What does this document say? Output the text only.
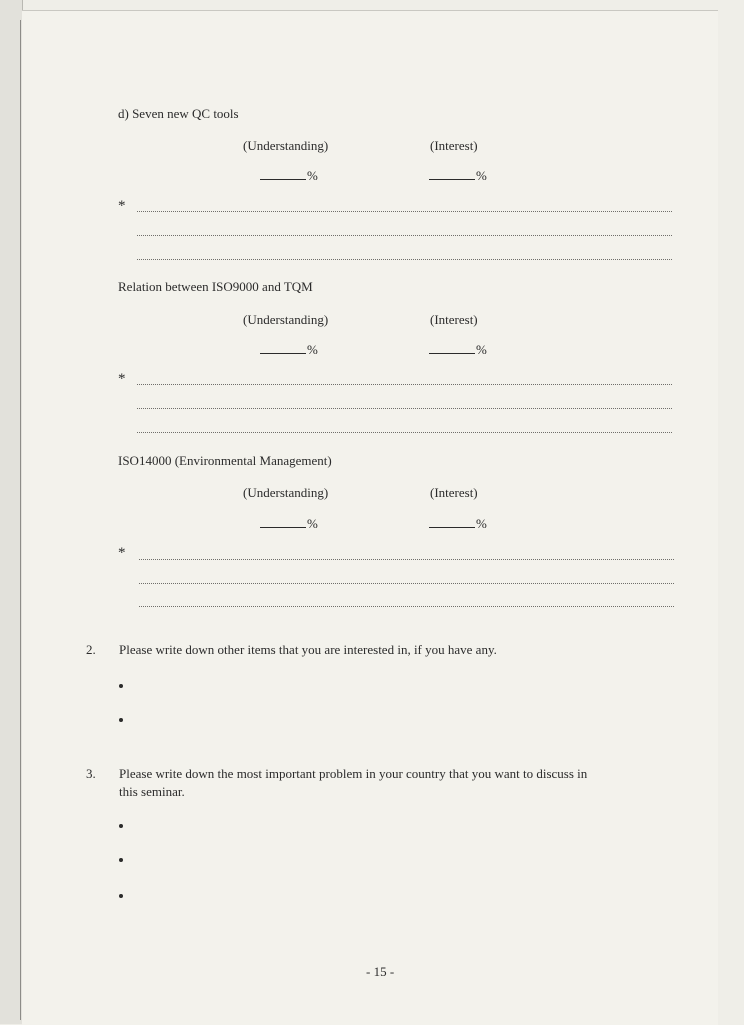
d) Seven new QC tools
(Understanding)	(Interest)
%	%
*
Relation between ISO9000 and TQM
(Understanding)	(Interest)
%	%
*
ISO14000 (Environmental Management)
(Understanding)	(Interest)
%	%
*
2. Please write down other items that you are interested in, if you have any.
3. Please write down the most important problem in your country that you want to discuss in
this seminar.
- 15 -
